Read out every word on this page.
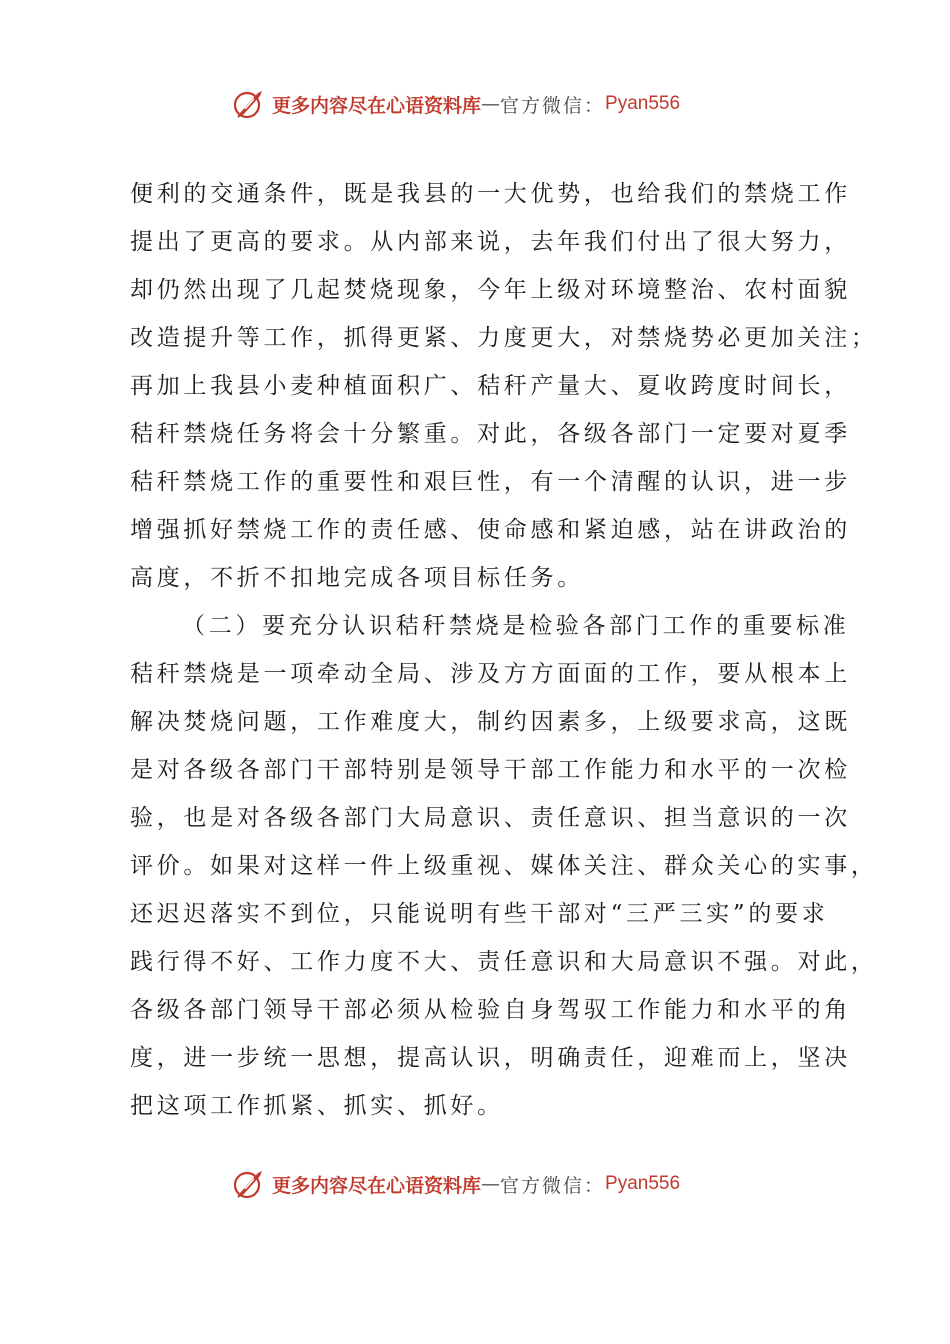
更多内容尽在心语资料库 — 官方微信： Pyan556
便利的交通条件，既是我县的一大优势，也给我们的禁烧工作
提出了更高的要求。从内部来说，去年我们付出了很大努力，
却仍然出现了几起焚烧现象，今年上级对环境整治、农村面貌
改造提升等工作，抓得更紧、力度更大，对禁烧势必更加关注；
再加上我县小麦种植面积广、秸秆产量大、夏收跨度时间长，
秸秆禁烧任务将会十分繁重。对此，各级各部门一定要对夏季
秸秆禁烧工作的重要性和艰巨性，有一个清醒的认识，进一步
增强抓好禁烧工作的责任感、使命感和紧迫感，站在讲政治的
高度，不折不扣地完成各项目标任务。
（二）要充分认识秸秆禁烧是检验各部门工作的重要标准
秸秆禁烧是一项牵动全局、涉及方方面面的工作，要从根本上
解决焚烧问题，工作难度大，制约因素多，上级要求高，这既
是对各级各部门干部特别是领导干部工作能力和水平的一次检
验，也是对各级各部门大局意识、责任意识、担当意识的一次
评价。如果对这样一件上级重视、媒体关注、群众关心的实事，
还迟迟落实不到位，只能说明有些干部对“三严三实”的要求
践行得不好、工作力度不大、责任意识和大局意识不强。对此，
各级各部门领导干部必须从检验自身驾驭工作能力和水平的角
度，进一步统一思想，提高认识，明确责任，迎难而上，坚决
把这项工作抓紧、抓实、抓好。
更多内容尽在心语资料库 — 官方微信： Pyan556
